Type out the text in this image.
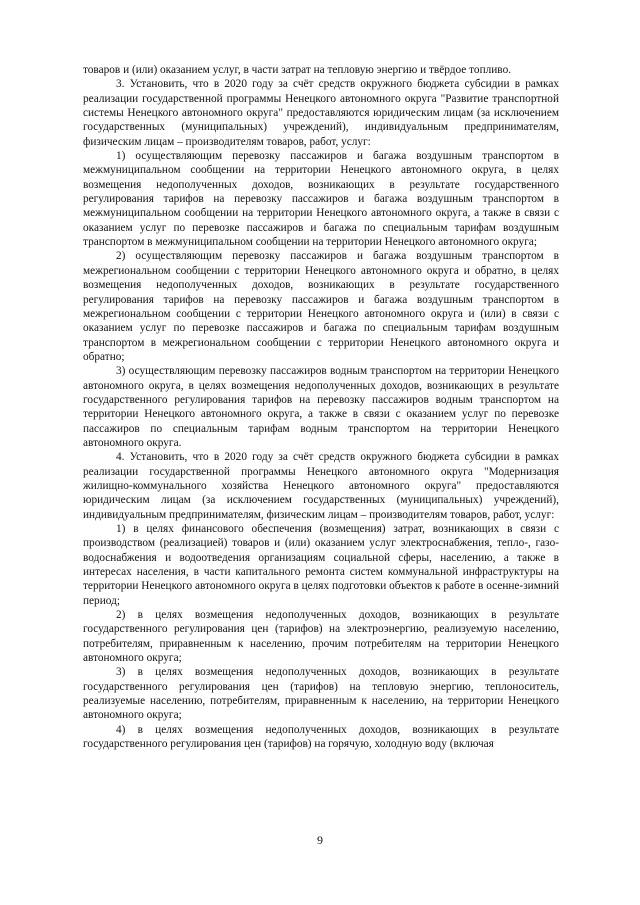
товаров и (или) оказанием услуг, в части затрат на тепловую энергию и твёрдое топливо.

3. Установить, что в 2020 году за счёт средств окружного бюджета субсидии в рамках реализации государственной программы Ненецкого автономного округа "Развитие транспортной системы Ненецкого автономного округа" предоставляются юридическим лицам (за исключением государственных (муниципальных) учреждений), индивидуальным предпринимателям, физическим лицам – производителям товаров, работ, услуг:

1) осуществляющим перевозку пассажиров и багажа воздушным транспортом в межмуниципальном сообщении на территории Ненецкого автономного округа, в целях возмещения недополученных доходов, возникающих в результате государственного регулирования тарифов на перевозку пассажиров и багажа воздушным транспортом в межмуниципальном сообщении на территории Ненецкого автономного округа, а также в связи с оказанием услуг по перевозке пассажиров и багажа по специальным тарифам воздушным транспортом в межмуниципальном сообщении на территории Ненецкого автономного округа;

2) осуществляющим перевозку пассажиров и багажа воздушным транспортом в межрегиональном сообщении с территории Ненецкого автономного округа и обратно, в целях возмещения недополученных доходов, возникающих в результате государственного регулирования тарифов на перевозку пассажиров и багажа воздушным транспортом в межрегиональном сообщении с территории Ненецкого автономного округа и (или) в связи с оказанием услуг по перевозке пассажиров и багажа по специальным тарифам воздушным транспортом в межрегиональном сообщении с территории Ненецкого автономного округа и обратно;

3) осуществляющим перевозку пассажиров водным транспортом на территории Ненецкого автономного округа, в целях возмещения недополученных доходов, возникающих в результате государственного регулирования тарифов на перевозку пассажиров водным транспортом на территории Ненецкого автономного округа, а также в связи с оказанием услуг по перевозке пассажиров по специальным тарифам водным транспортом на территории Ненецкого автономного округа.

4. Установить, что в 2020 году за счёт средств окружного бюджета субсидии в рамках реализации государственной программы Ненецкого автономного округа "Модернизация жилищно-коммунального хозяйства Ненецкого автономного округа" предоставляются юридическим лицам (за исключением государственных (муниципальных) учреждений), индивидуальным предпринимателям, физическим лицам – производителям товаров, работ, услуг:

1) в целях финансового обеспечения (возмещения) затрат, возникающих в связи с производством (реализацией) товаров и (или) оказанием услуг электроснабжения, тепло-, газо- водоснабжения и водоотведения организациям социальной сферы, населению, а также в интересах населения, в части капитального ремонта систем коммунальной инфраструктуры на территории Ненецкого автономного округа в целях подготовки объектов к работе в осенне-зимний период;

2) в целях возмещения недополученных доходов, возникающих в результате государственного регулирования цен (тарифов) на электроэнергию, реализуемую населению, потребителям, приравненным к населению, прочим потребителям на территории Ненецкого автономного округа;

3) в целях возмещения недополученных доходов, возникающих в результате государственного регулирования цен (тарифов) на тепловую энергию, теплоноситель, реализуемые населению, потребителям, приравненным к населению, на территории Ненецкого автономного округа;

4) в целях возмещения недополученных доходов, возникающих в результате государственного регулирования цен (тарифов) на горячую, холодную воду (включая

9
